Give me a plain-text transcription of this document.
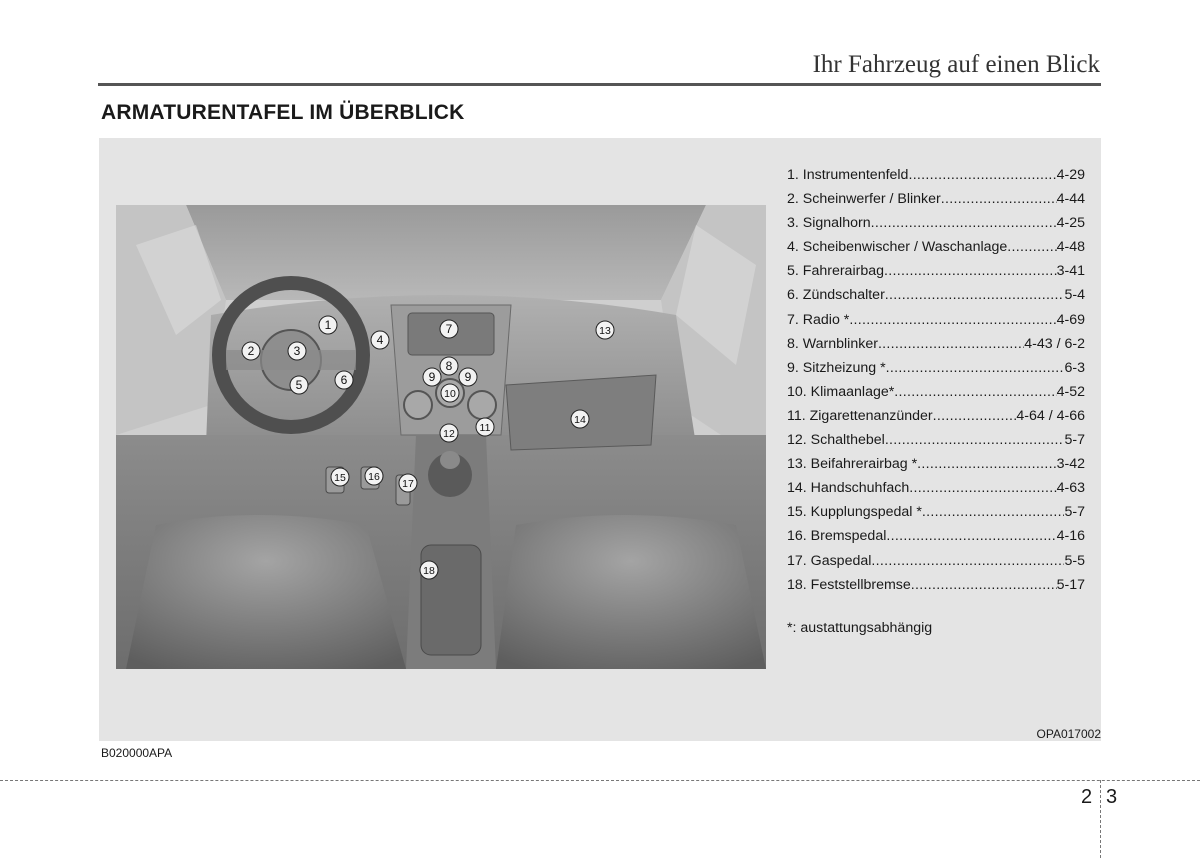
Ihr Fahrzeug auf einen Blick
ARMATURENTAFEL IM ÜBERBLICK
1
2	3
4
5	6
7
8
9 9
10
11
12
13
14
15 16
17
18
1. Instrumentenfeld .....	4-29
2. Scheinwerfer / Blinker .....	4-44
3. Signalhorn .....	4-25
4. Scheibenwischer / Waschanlage .....	4-48
5. Fahrerairbag .....	3-41
6. Zündschalter .....	5-4
7. Radio * .....	4-69
8. Warnblinker .....	4-43 / 6-2
9. Sitzheizung * .....	6-3
10. Klimaanlage* .....	4-52
11. Zigarettenanzünder .....	4-64 / 4-66
12. Schalthebel .....	5-7
13. Beifahrerairbag * .....	3-42
14. Handschuhfach .....	4-63
15. Kupplungspedal * .....	5-7
16. Bremspedal .....	4-16
17. Gaspedal .....	5-5
18. Feststellbremse .....	5-17
*: austattungsabhängig
OPA017002
B020000APA
2 3
